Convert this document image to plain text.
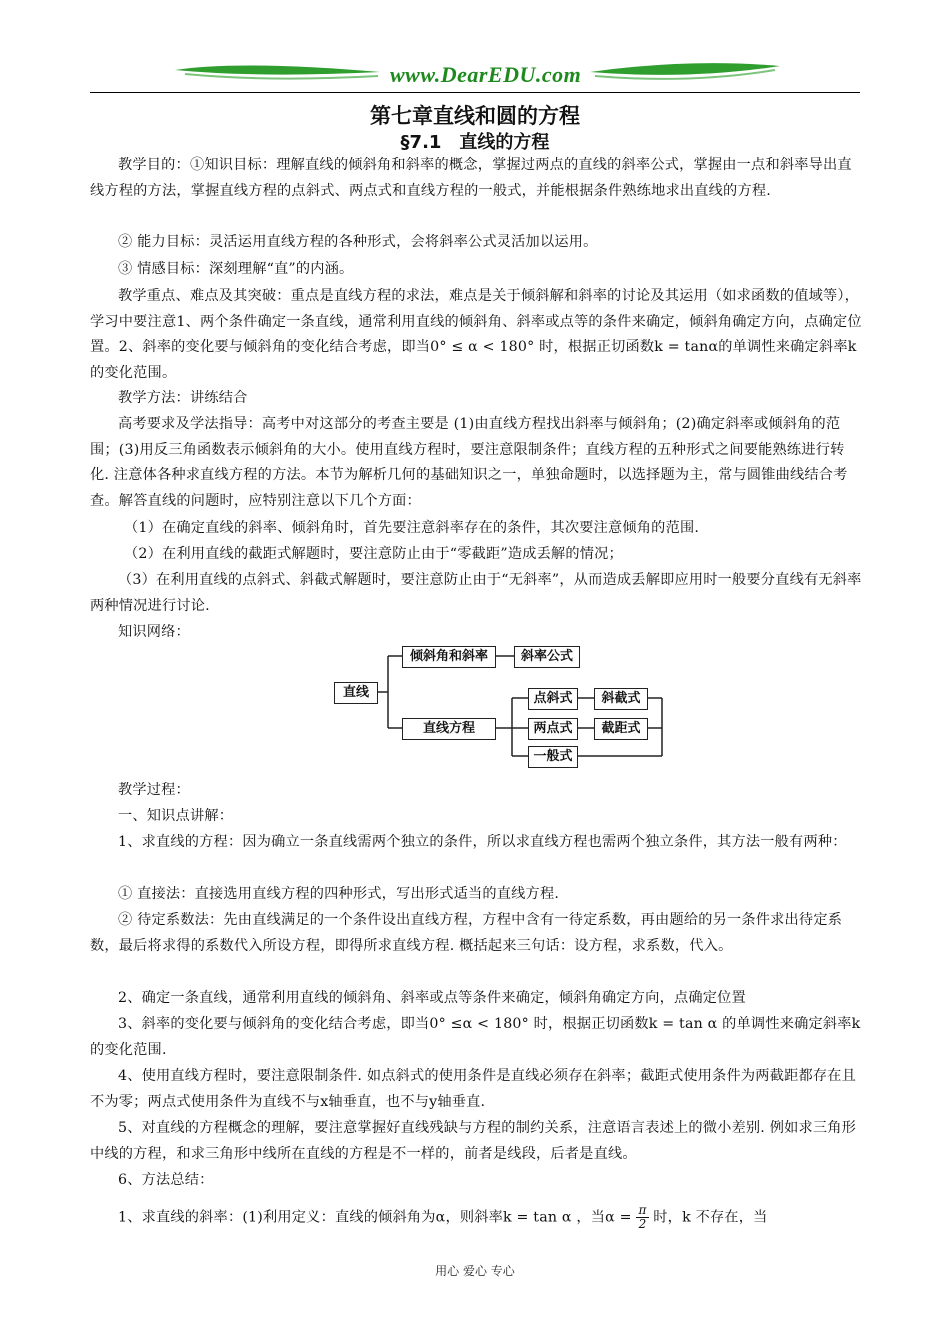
www.DearEDU.com
第七章直线和圆的方程
§7.1　直线的方程

教学目的：①知识目标：理解直线的倾斜角和斜率的概念，掌握过两点的直线的斜率公式，掌握由一点和斜率导出直线方程的方法，掌握直线方程的点斜式、两点式和直线方程的一般式，并能根据条件熟练地求出直线的方程.

② 能力目标：灵活运用直线方程的各种形式，会将斜率公式灵活加以运用。

③ 情感目标：深刻理解“直”的内涵。

教学重点、难点及其突破：重点是直线方程的求法，难点是关于倾斜解和斜率的讨论及其运用（如求函数的值域等），学习中要注意1、两个条件确定一条直线，通常利用直线的倾斜角、斜率或点等的条件来确定，倾斜角确定方向，点确定位置。2、斜率的变化要与倾斜角的变化结合考虑，即当0° ≤ α < 180° 时，根据正切函数k = tanα的单调性来确定斜率k的变化范围。

教学方法：讲练结合

高考要求及学法指导：高考中对这部分的考查主要是 (1)由直线方程找出斜率与倾斜角；(2)确定斜率或倾斜角的范围；(3)用反三角函数表示倾斜角的大小。使用直线方程时，要注意限制条件；直线方程的五种形式之间要能熟练进行转化. 注意体各种求直线方程的方法。本节为解析几何的基础知识之一，单独命题时，以选择题为主，常与圆锥曲线结合考查。解答直线的问题时，应特别注意以下几个方面：

（1）在确定直线的斜率、倾斜角时，首先要注意斜率存在的条件，其次要注意倾角的范围.

（2）在利用直线的截距式解题时，要注意防止由于“零截距”造成丢解的情况；

（3）在利用直线的点斜式、斜截式解题时，要注意防止由于“无斜率”，从而造成丢解即应用时一般要分直线有无斜率两种情况进行讨论.

知识网络：

直线
倾斜角和斜率	斜率公式
直线方程
点斜式	斜截式
两点式	截距式
一般式

教学过程：

一、知识点讲解：

1、求直线的方程：因为确立一条直线需两个独立的条件，所以求直线方程也需两个独立条件，其方法一般有两种：

① 直接法：直接选用直线方程的四种形式，写出形式适当的直线方程.

② 待定系数法：先由直线满足的一个条件设出直线方程，方程中含有一待定系数，再由题给的另一条件求出待定系数，最后将求得的系数代入所设方程，即得所求直线方程. 概括起来三句话：设方程，求系数，代入。

2、确定一条直线，通常利用直线的倾斜角、斜率或点等条件来确定，倾斜角确定方向，点确定位置

3、斜率的变化要与倾斜角的变化结合考虑，即当0° ≤α < 180° 时，根据正切函数k = tan α 的单调性来确定斜率k的变化范围.

4、使用直线方程时，要注意限制条件. 如点斜式的使用条件是直线必须存在斜率；截距式使用条件为两截距都存在且不为零；两点式使用条件为直线不与x轴垂直，也不与y轴垂直.

5、对直线的方程概念的理解，要注意掌握好直线残缺与方程的制约关系，注意语言表述上的微小差别. 例如求三角形中线的方程，和求三角形中线所在直线的方程是不一样的，前者是线段，后者是直线。

6、方法总结：

1、求直线的斜率：(1)利用定义：直线的倾斜角为α，则斜率k = tan α ，当$\alpha = \frac{\pi}{2}$ 时，k 不存在，当

用心 爱心 专心
